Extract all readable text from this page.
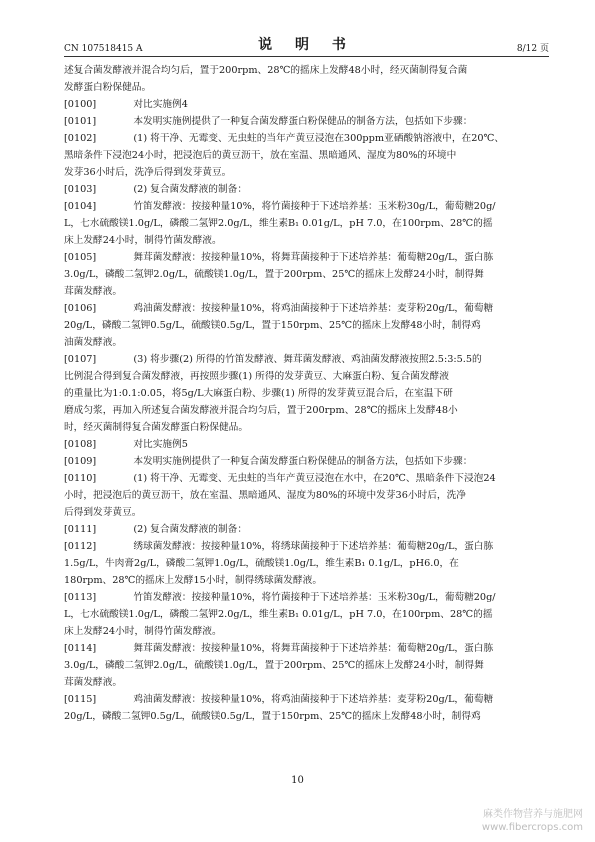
CN 107518415 A	说 明 书	8/12 页
述复合菌发酵液并混合均匀后，置于200rpm、28℃的摇床上发酵48小时，经灭菌制得复合菌
发酵蛋白粉保健品。
[0100]	　　对比实施例4
[0101]	　　本发明实施例提供了一种复合菌发酵蛋白粉保健品的制备方法，包括如下步骤：
[0102]	　　(1) 将干净、无霉变、无虫蛀的当年产黄豆浸泡在300ppm亚硒酸钠溶液中，在20℃、
黑暗条件下浸泡24小时，把浸泡后的黄豆沥干，放在室温、黑暗通风、湿度为80%的环境中
发芽36小时后，洗净后得到发芽黄豆。
[0103]	　　(2) 复合菌发酵液的制备：
[0104]	　　竹笛发酵液：按接种量10%，将竹菌接种于下述培养基：玉米粉30g/L，葡萄糖20g/
L，七水硫酸镁1.0g/L，磷酸二氢钾2.0g/L，维生素B₁ 0.01g/L，pH 7.0，在100rpm、28℃的摇
床上发酵24小时，制得竹菌发酵液。
[0105]	　　舞茸菌发酵液：按接种量10%，将舞茸菌接种于下述培养基：葡萄糖20g/L，蛋白胨
3.0g/L，磷酸二氢钾2.0g/L，硫酸镁1.0g/L，置于200rpm、25℃的摇床上发酵24小时，制得舞
茸菌发酵液。
[0106]	　　鸡油菌发酵液：按接种量10%，将鸡油菌接种于下述培养基：麦芽粉20g/L，葡萄糖
20g/L，磷酸二氢钾0.5g/L，硫酸镁0.5g/L，置于150rpm、25℃的摇床上发酵48小时，制得鸡
油菌发酵液。
[0107]	　　(3) 将步骤(2) 所得的竹笛发酵液、舞茸菌发酵液、鸡油菌发酵液按照2.5:3:5.5的
比例混合得到复合菌发酵液，再按照步骤(1) 所得的发芽黄豆、大麻蛋白粉、复合菌发酵液
的重量比为1:0.1:0.05，将5g/L大麻蛋白粉、步骤(1) 所得的发芽黄豆混合后，在室温下研
磨成匀浆，再加入所述复合菌发酵液并混合均匀后，置于200rpm、28℃的摇床上发酵48小
时，经灭菌制得复合菌发酵蛋白粉保健品。
[0108]	　　对比实施例5
[0109]	　　本发明实施例提供了一种复合菌发酵蛋白粉保健品的制备方法，包括如下步骤：
[0110]	　　(1) 将干净、无霉变、无虫蛀的当年产黄豆浸泡在水中，在20℃、黑暗条件下浸泡24
小时，把浸泡后的黄豆沥干，放在室温、黑暗通风、湿度为80%的环境中发芽36小时后，洗净
后得到发芽黄豆。
[0111]	　　(2) 复合菌发酵液的制备：
[0112]	　　绣球菌发酵液：按接种量10%，将绣球菌接种于下述培养基：葡萄糖20g/L，蛋白胨
1.5g/L，牛肉膏2g/L，磷酸二氢钾1.0g/L，硫酸镁1.0g/L，维生素B₁ 0.1g/L，pH6.0，在
180rpm、28℃的摇床上发酵15小时，制得绣球菌发酵液。
[0113]	　　竹笛发酵液：按接种量10%，将竹菌接种于下述培养基：玉米粉30g/L，葡萄糖20g/
L，七水硫酸镁1.0g/L，磷酸二氢钾2.0g/L，维生素B₁ 0.01g/L，pH 7.0，在100rpm、28℃的摇
床上发酵24小时，制得竹菌发酵液。
[0114]	　　舞茸菌发酵液：按接种量10%，将舞茸菌接种于下述培养基：葡萄糖20g/L，蛋白胨
3.0g/L，磷酸二氢钾2.0g/L，硫酸镁1.0g/L，置于200rpm、25℃的摇床上发酵24小时，制得舞
茸菌发酵液。
[0115]	　　鸡油菌发酵液：按接种量10%，将鸡油菌接种于下述培养基：麦芽粉20g/L，葡萄糖
20g/L，磷酸二氢钾0.5g/L，硫酸镁0.5g/L，置于150rpm、25℃的摇床上发酵48小时，制得鸡
10
麻类作物营养与施肥网
www.fibercrops.com
